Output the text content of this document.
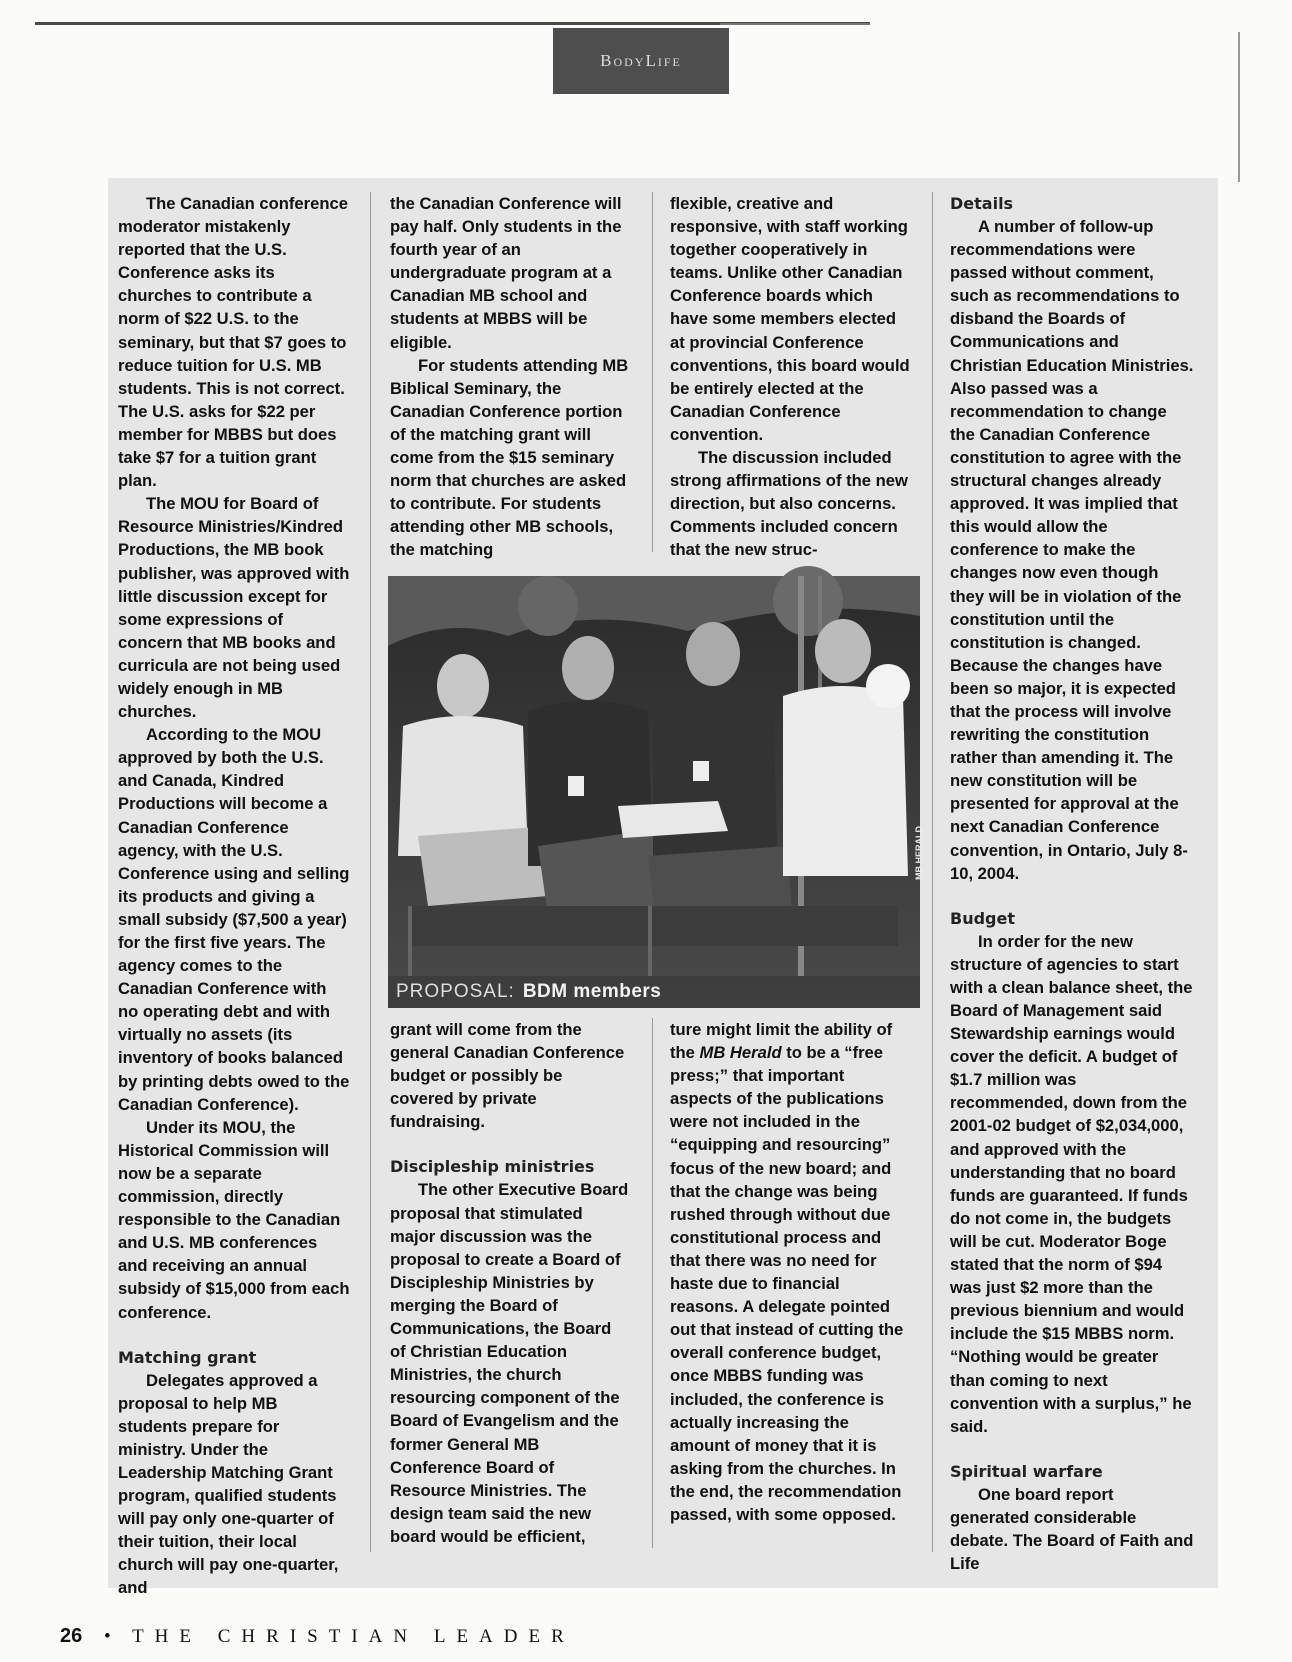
BodyLife

The Canadian conference moderator mistakenly reported that the U.S. Conference asks its churches to contribute a norm of $22 U.S. to the seminary, but that $7 goes to reduce tuition for U.S. MB students. This is not correct. The U.S. asks for $22 per member for MBBS but does take $7 for a tuition grant plan.

The MOU for Board of Resource Ministries/Kindred Productions, the MB book publisher, was approved with little discussion except for some expressions of concern that MB books and curricula are not being used widely enough in MB churches.

According to the MOU approved by both the U.S. and Canada, Kindred Productions will become a Canadian Conference agency, with the U.S. Conference using and selling its products and giving a small subsidy ($7,500 a year) for the first five years. The agency comes to the Canadian Conference with no operating debt and with virtually no assets (its inventory of books balanced by printing debts owed to the Canadian Conference).

Under its MOU, the Historical Commission will now be a separate commission, directly responsible to the Canadian and U.S. MB conferences and receiving an annual subsidy of $15,000 from each conference.

Matching grant

Delegates approved a proposal to help MB students prepare for ministry. Under the Leadership Matching Grant program, qualified students will pay only one-quarter of their tuition, their local church will pay one-quarter, and

the Canadian Conference will pay half. Only students in the fourth year of an undergraduate program at a Canadian MB school and students at MBBS will be eligible.

For students attending MB Biblical Seminary, the Canadian Conference portion of the matching grant will come from the $15 seminary norm that churches are asked to contribute. For students attending other MB schools, the matching

flexible, creative and responsive, with staff working together cooperatively in teams. Unlike other Canadian Conference boards which have some members elected at provincial Conference conventions, this board would be entirely elected at the Canadian Conference convention.

The discussion included strong affirmations of the new direction, but also concerns. Comments included concern that the new struc-

MB HERALD
PROPOSAL: BDM members

grant will come from the general Canadian Conference budget or possibly be covered by private fundraising.

Discipleship ministries

The other Executive Board proposal that stimulated major discussion was the proposal to create a Board of Discipleship Ministries by merging the Board of Communications, the Board of Christian Education Ministries, the church resourcing component of the Board of Evangelism and the former General MB Conference Board of Resource Ministries. The design team said the new board would be efficient,

ture might limit the ability of the MB Herald to be a “free press;” that important aspects of the publications were not included in the “equipping and resourcing” focus of the new board; and that the change was being rushed through without due constitutional process and that there was no need for haste due to financial reasons. A delegate pointed out that instead of cutting the overall conference budget, once MBBS funding was included, the conference is actually increasing the amount of money that it is asking from the churches. In the end, the recommendation passed, with some opposed.

Details

A number of follow-up recommendations were passed without comment, such as recommendations to disband the Boards of Communications and Christian Education Ministries. Also passed was a recommendation to change the Canadian Conference constitution to agree with the structural changes already approved. It was implied that this would allow the conference to make the changes now even though they will be in violation of the constitution until the constitution is changed. Because the changes have been so major, it is expected that the process will involve rewriting the constitution rather than amending it. The new constitution will be presented for approval at the next Canadian Conference convention, in Ontario, July 8-10, 2004.

Budget

In order for the new structure of agencies to start with a clean balance sheet, the Board of Management said Stewardship earnings would cover the deficit. A budget of $1.7 million was recommended, down from the 2001-02 budget of $2,034,000, and approved with the understanding that no board funds are guaranteed. If funds do not come in, the budgets will be cut. Moderator Boge stated that the norm of $94 was just $2 more than the previous biennium and would include the $15 MBBS norm. “Nothing would be greater than coming to next convention with a surplus,” he said.

Spiritual warfare

One board report generated considerable debate. The Board of Faith and Life

26 • THE CHRISTIAN LEADER
